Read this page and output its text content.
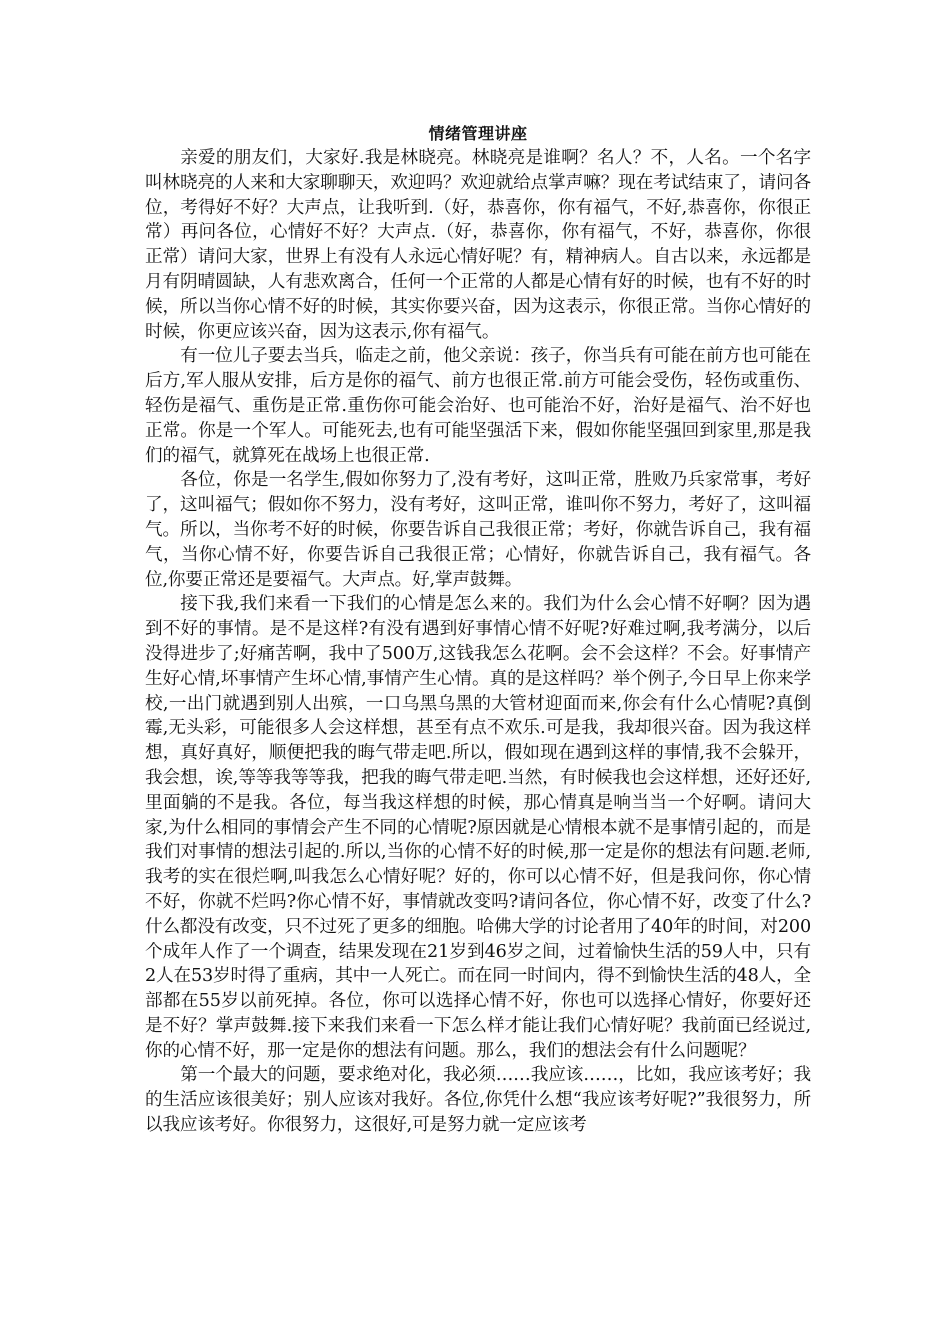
情绪管理讲座

亲爱的朋友们，大家好.我是林晓亮。林晓亮是谁啊？名人？不，人名。一个名字叫林晓亮的人来和大家聊聊天，欢迎吗？欢迎就给点掌声嘛？现在考试结束了，请问各位，考得好不好？大声点，让我听到.（好，恭喜你，你有福气，不好,恭喜你，你很正常）再问各位，心情好不好？大声点.（好，恭喜你，你有福气，不好，恭喜你，你很正常）请问大家，世界上有没有人永远心情好呢？有，精神病人。自古以来，永远都是月有阴晴圆缺，人有悲欢离合，任何一个正常的人都是心情有好的时候，也有不好的时候，所以当你心情不好的时候，其实你要兴奋，因为这表示，你很正常。当你心情好的时候，你更应该兴奋，因为这表示,你有福气。

有一位儿子要去当兵，临走之前，他父亲说：孩子，你当兵有可能在前方也可能在后方,军人服从安排，后方是你的福气、前方也很正常.前方可能会受伤，轻伤或重伤、轻伤是福气、重伤是正常.重伤你可能会治好、也可能治不好，治好是福气、治不好也正常。你是一个军人。可能死去,也有可能坚强活下来，假如你能坚强回到家里,那是我们的福气，就算死在战场上也很正常.

各位，你是一名学生,假如你努力了,没有考好，这叫正常，胜败乃兵家常事，考好了，这叫福气；假如你不努力，没有考好，这叫正常，谁叫你不努力，考好了，这叫福气。所以，当你考不好的时候，你要告诉自己我很正常；考好，你就告诉自己，我有福气，当你心情不好，你要告诉自己我很正常；心情好，你就告诉自己，我有福气。各位,你要正常还是要福气。大声点。好,掌声鼓舞。

接下我,我们来看一下我们的心情是怎么来的。我们为什么会心情不好啊？因为遇到不好的事情。是不是这样?有没有遇到好事情心情不好呢?好难过啊,我考满分，以后没得进步了;好痛苦啊，我中了500万,这钱我怎么花啊。会不会这样？不会。好事情产生好心情,坏事情产生坏心情,事情产生心情。真的是这样吗？举个例子,今日早上你来学校,一出门就遇到别人出殡，一口乌黑乌黑的大管材迎面而来,你会有什么心情呢?真倒霉,无头彩，可能很多人会这样想，甚至有点不欢乐.可是我，我却很兴奋。因为我这样想，真好真好，顺便把我的晦气带走吧.所以，假如现在遇到这样的事情,我不会躲开，我会想，诶,等等我等等我，把我的晦气带走吧.当然，有时候我也会这样想，还好还好,里面躺的不是我。各位，每当我这样想的时候，那心情真是响当当一个好啊。请问大家,为什么相同的事情会产生不同的心情呢?原因就是心情根本就不是事情引起的，而是我们对事情的想法引起的.所以,当你的心情不好的时候,那一定是你的想法有问题.老师,我考的实在很烂啊,叫我怎么心情好呢？好的，你可以心情不好，但是我问你，你心情不好，你就不烂吗?你心情不好，事情就改变吗?请问各位，你心情不好，改变了什么?什么都没有改变，只不过死了更多的细胞。哈佛大学的讨论者用了40年的时间，对200个成年人作了一个调查，结果发现在21岁到46岁之间，过着愉快生活的59人中，只有2人在53岁时得了重病，其中一人死亡。而在同一时间内，得不到愉快生活的48人，全部都在55岁以前死掉。各位，你可以选择心情不好，你也可以选择心情好，你要好还是不好？掌声鼓舞.接下来我们来看一下怎么样才能让我们心情好呢？我前面已经说过,你的心情不好，那一定是你的想法有问题。那么，我们的想法会有什么问题呢？

第一个最大的问题，要求绝对化，我必须……我应该……，比如，我应该考好；我的生活应该很美好；别人应该对我好。各位,你凭什么想“我应该考好呢?”我很努力，所以我应该考好。你很努力，这很好,可是努力就一定应该考
